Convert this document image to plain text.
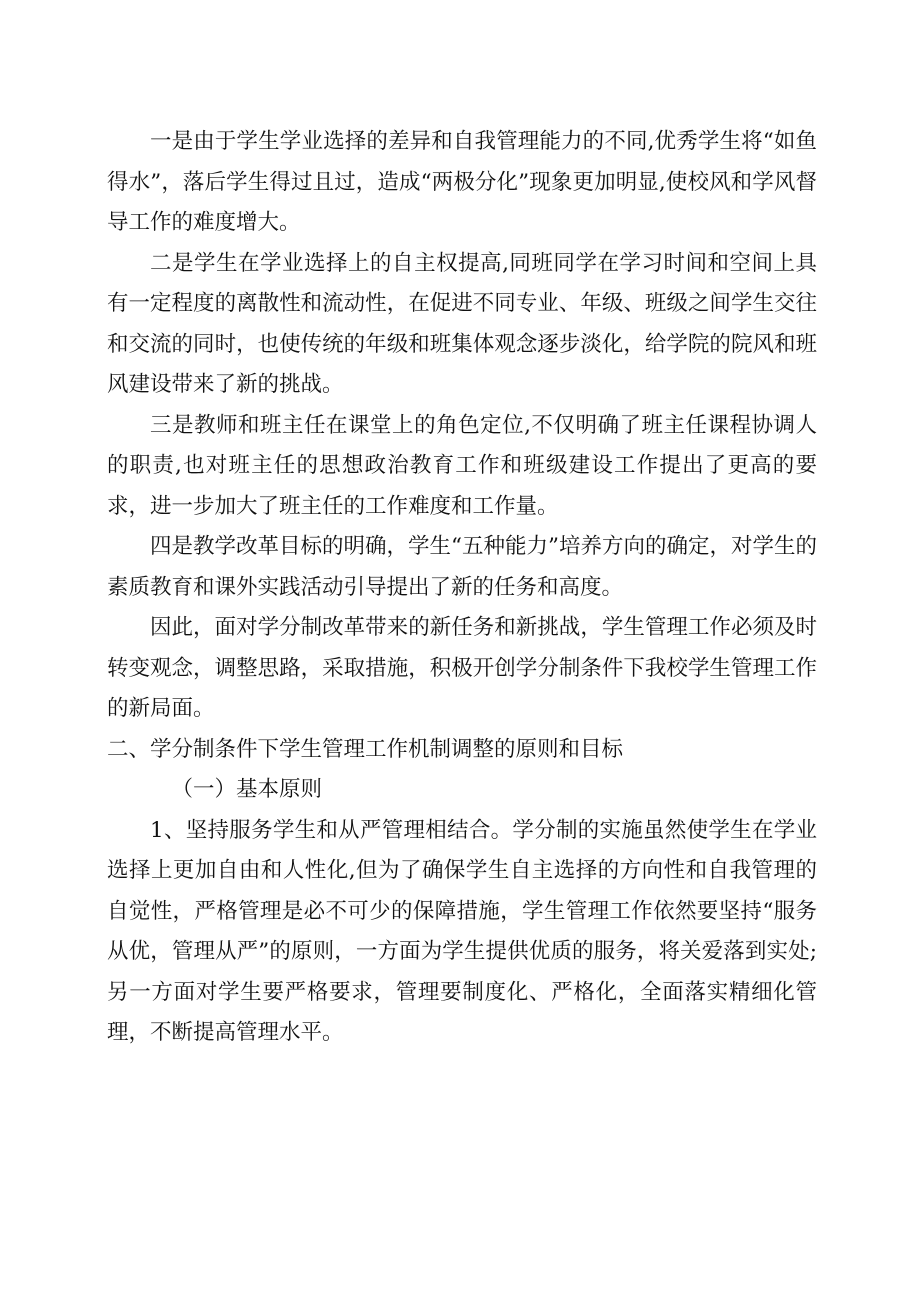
一是由于学生学业选择的差异和自我管理能力的不同,优秀学生将“如鱼得水”，落后学生得过且过，造成“两极分化”现象更加明显,使校风和学风督导工作的难度增大。

二是学生在学业选择上的自主权提高,同班同学在学习时间和空间上具有一定程度的离散性和流动性，在促进不同专业、年级、班级之间学生交往和交流的同时，也使传统的年级和班集体观念逐步淡化，给学院的院风和班风建设带来了新的挑战。

三是教师和班主任在课堂上的角色定位,不仅明确了班主任课程协调人的职责,也对班主任的思想政治教育工作和班级建设工作提出了更高的要求，进一步加大了班主任的工作难度和工作量。

四是教学改革目标的明确，学生“五种能力”培养方向的确定，对学生的素质教育和课外实践活动引导提出了新的任务和高度。

因此，面对学分制改革带来的新任务和新挑战，学生管理工作必须及时转变观念，调整思路，采取措施，积极开创学分制条件下我校学生管理工作的新局面。

二、学分制条件下学生管理工作机制调整的原则和目标

（一）基本原则

1、坚持服务学生和从严管理相结合。学分制的实施虽然使学生在学业选择上更加自由和人性化,但为了确保学生自主选择的方向性和自我管理的自觉性，严格管理是必不可少的保障措施，学生管理工作依然要坚持“服务从优，管理从严”的原则，一方面为学生提供优质的服务，将关爱落到实处;另一方面对学生要严格要求，管理要制度化、严格化，全面落实精细化管理，不断提高管理水平。
